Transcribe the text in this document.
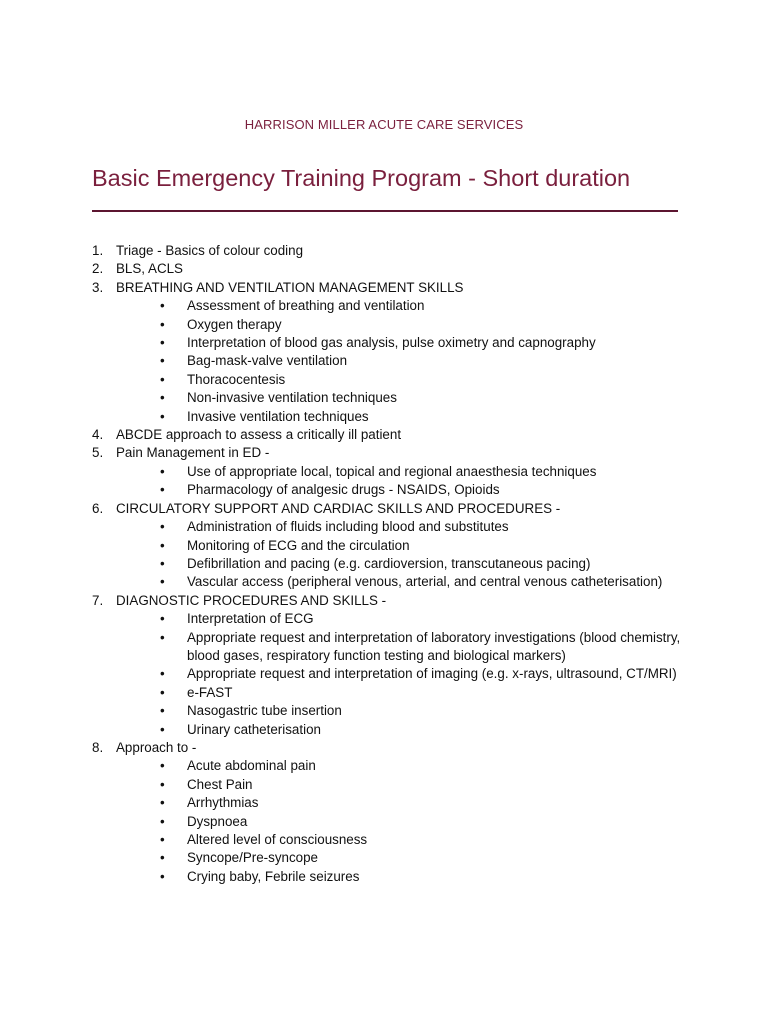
HARRISON MILLER ACUTE CARE SERVICES
Basic Emergency Training Program - Short duration
1. Triage - Basics of colour coding
2. BLS, ACLS
3. BREATHING AND VENTILATION MANAGEMENT SKILLS
• Assessment of breathing and ventilation
• Oxygen therapy
• Interpretation of blood gas analysis, pulse oximetry and capnography
• Bag-mask-valve ventilation
• Thoracocentesis
• Non-invasive ventilation techniques
• Invasive ventilation techniques
4. ABCDE approach to assess a critically ill patient
5. Pain Management in ED -
• Use of appropriate local, topical and regional anaesthesia techniques
• Pharmacology of analgesic drugs - NSAIDS, Opioids
6. CIRCULATORY SUPPORT AND CARDIAC SKILLS AND PROCEDURES -
• Administration of fluids including blood and substitutes
• Monitoring of ECG and the circulation
• Defibrillation and pacing (e.g. cardioversion, transcutaneous pacing)
• Vascular access (peripheral venous, arterial, and central venous catheterisation)
7. DIAGNOSTIC PROCEDURES AND SKILLS -
• Interpretation of ECG
• Appropriate request and interpretation of laboratory investigations (blood chemistry, blood gases, respiratory function testing and biological markers)
• Appropriate request and interpretation of imaging (e.g. x-rays, ultrasound, CT/MRI)
• e-FAST
• Nasogastric tube insertion
• Urinary catheterisation
8. Approach to -
• Acute abdominal pain
• Chest Pain
• Arrhythmias
• Dyspnoea
• Altered level of consciousness
• Syncope/Pre-syncope
• Crying baby, Febrile seizures
